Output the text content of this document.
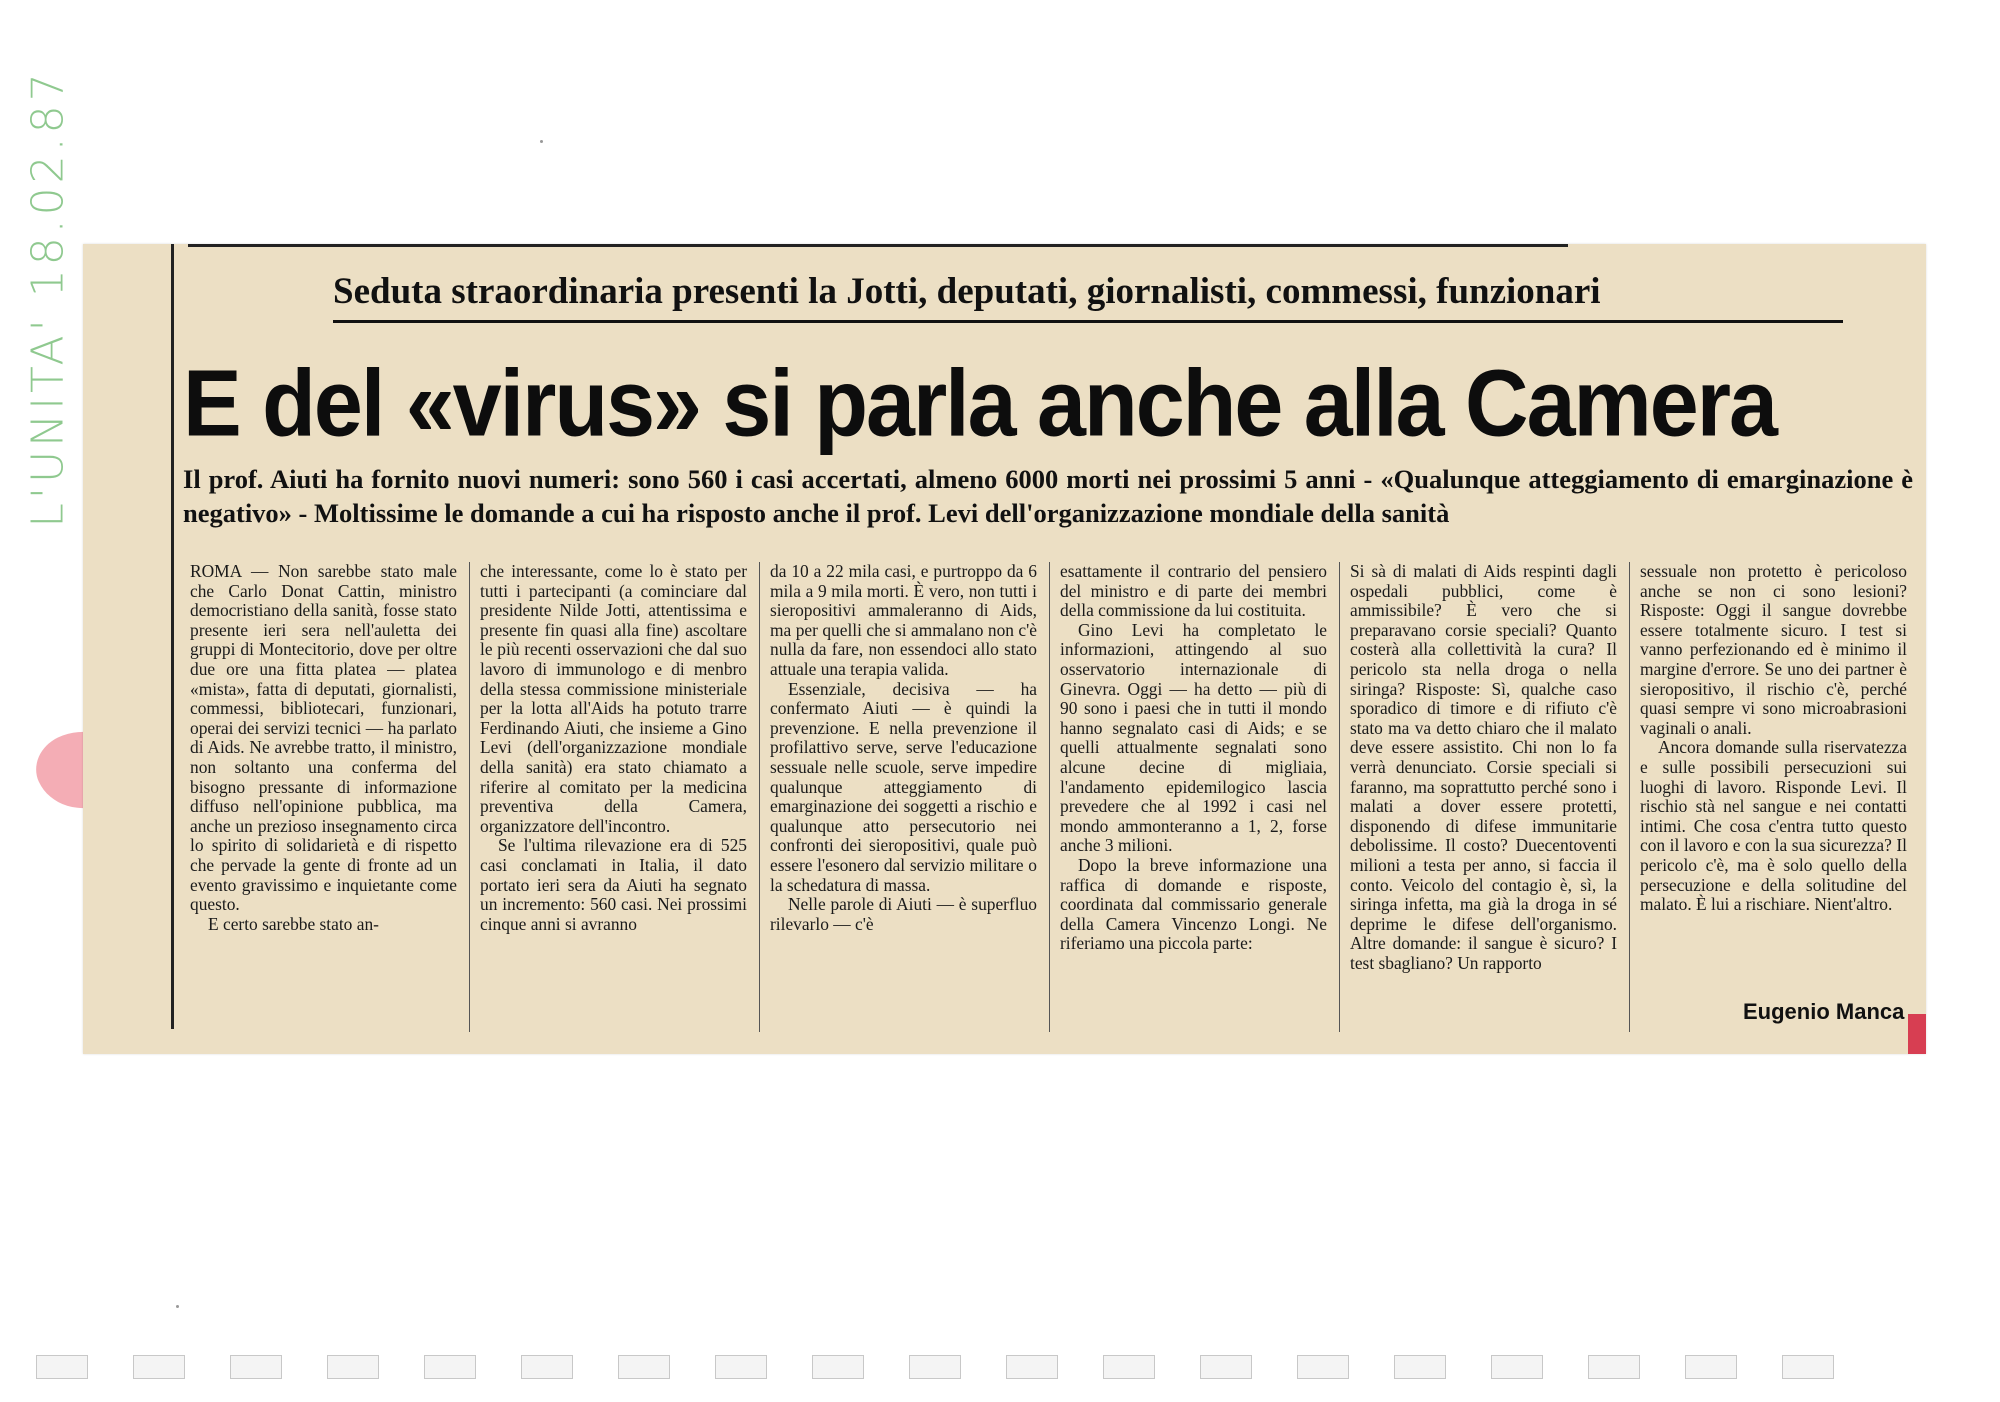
L'UNITA' 18.02.87	Seduta straordinaria presenti la Jotti, deputati, giornalisti, commessi, funzionari
E del «virus» si parla anche alla Camera
Il prof. Aiuti ha fornito nuovi numeri: sono 560 i casi accertati, almeno 6000 morti nei prossimi 5 anni - «Qualunque atteggiamento di emarginazione è negativo» - Moltissime le domande a cui ha risposto anche il prof. Levi dell'organizzazione mondiale della sanità

ROMA — Non sarebbe stato male che Carlo Donat Cattin, ministro democristiano della sanità, fosse stato presente ieri sera nell'auletta dei gruppi di Montecitorio, dove per oltre due ore una fitta platea — platea «mista», fatta di deputati, giornalisti, commessi, bibliotecari, funzionari, operai dei servizi tecnici — ha parlato di Aids. Ne avrebbe tratto, il ministro, non soltanto una conferma del bisogno pressante di informazione diffuso nell'opinione pubblica, ma anche un prezioso insegnamento circa lo spirito di solidarietà e di rispetto che pervade la gente di fronte ad un evento gravissimo e inquietante come questo.

E certo sarebbe stato an-

che interessante, come lo è stato per tutti i partecipanti (a cominciare dal presidente Nilde Jotti, attentissima e presente fin quasi alla fine) ascoltare le più recenti osservazioni che dal suo lavoro di immunologo e di menbro della stessa commissione ministeriale per la lotta all'Aids ha potuto trarre Ferdinando Aiuti, che insieme a Gino Levi (dell'organizzazione mondiale della sanità) era stato chiamato a riferire al comitato per la medicina preventiva della Camera, organizzatore dell'incontro.

Se l'ultima rilevazione era di 525 casi conclamati in Italia, il dato portato ieri sera da Aiuti ha segnato un incremento: 560 casi. Nei prossimi cinque anni si avranno

da 10 a 22 mila casi, e purtroppo da 6 mila a 9 mila morti. È vero, non tutti i sieropositivi ammaleranno di Aids, ma per quelli che si ammalano non c'è nulla da fare, non essendoci allo stato attuale una terapia valida.

Essenziale, decisiva — ha confermato Aiuti — è quindi la prevenzione. E nella prevenzione il profilattivo serve, serve l'educazione sessuale nelle scuole, serve impedire qualunque atteggiamento di emarginazione dei soggetti a rischio e qualunque atto persecutorio nei confronti dei sieropositivi, quale può essere l'esonero dal servizio militare o la schedatura di massa.

Nelle parole di Aiuti — è superfluo rilevarlo — c'è

esattamente il contrario del pensiero del ministro e di parte dei membri della commissione da lui costituita.

Gino Levi ha completato le informazioni, attingendo al suo osservatorio internazionale di Ginevra. Oggi — ha detto — più di 90 sono i paesi che in tutti il mondo hanno segnalato casi di Aids; e se quelli attualmente segnalati sono alcune decine di migliaia, l'andamento epidemilogico lascia prevedere che al 1992 i casi nel mondo ammonteranno a 1, 2, forse anche 3 milioni.

Dopo la breve informazione una raffica di domande e risposte, coordinata dal commissario generale della Camera Vincenzo Longi. Ne riferiamo una piccola parte:

Si sà di malati di Aids respinti dagli ospedali pubblici, come è ammissibile? È vero che si preparavano corsie speciali? Quanto costerà alla collettività la cura? Il pericolo sta nella droga o nella siringa? Risposte: Sì, qualche caso sporadico di timore e di rifiuto c'è stato ma va detto chiaro che il malato deve essere assistito. Chi non lo fa verrà denunciato. Corsie speciali si faranno, ma soprattutto perché sono i malati a dover essere protetti, disponendo di difese immunitarie debolissime. Il costo? Duecentoventi milioni a testa per anno, si faccia il conto. Veicolo del contagio è, sì, la siringa infetta, ma già la droga in sé deprime le difese dell'organismo. Altre domande: il sangue è sicuro? I test sbagliano? Un rapporto

sessuale non protetto è pericoloso anche se non ci sono lesioni? Risposte: Oggi il sangue dovrebbe essere totalmente sicuro. I test si vanno perfezionando ed è minimo il margine d'errore. Se uno dei partner è sieropositivo, il rischio c'è, perché quasi sempre vi sono microabrasioni vaginali o anali.

Ancora domande sulla riservatezza e sulle possibili persecuzioni sui luoghi di lavoro. Risponde Levi. Il rischio stà nel sangue e nei contatti intimi. Che cosa c'entra tutto questo con il lavoro e con la sua sicurezza? Il pericolo c'è, ma è solo quello della persecuzione e della solitudine del malato. È lui a rischiare. Nient'altro.

Eugenio Manca
